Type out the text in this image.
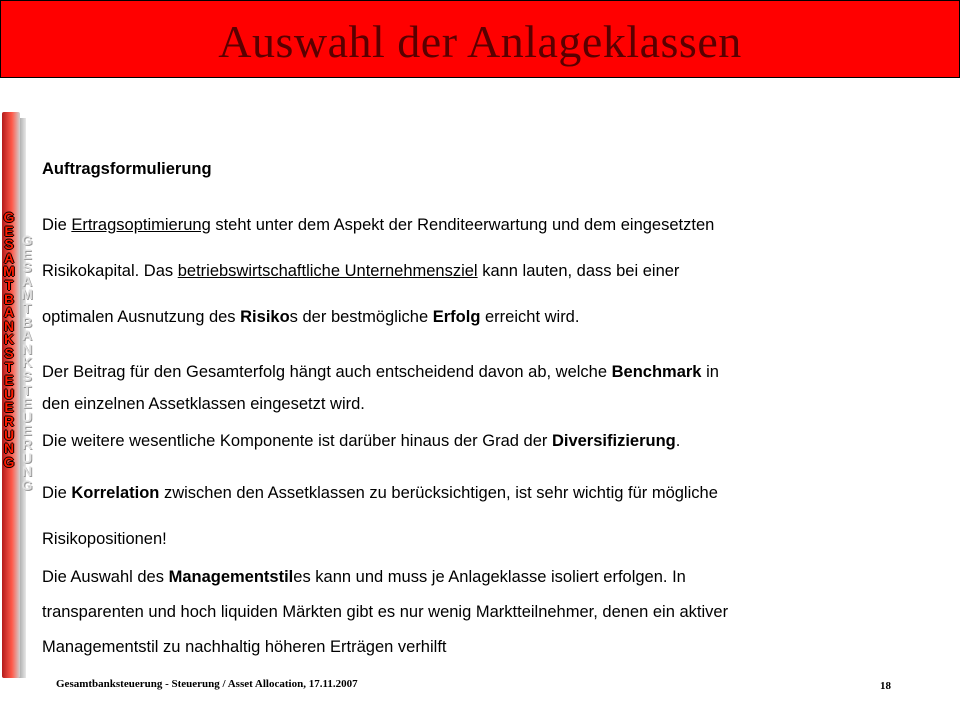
Auswahl der Anlageklassen
G
E
S
A
M
T
B
A
N
K
S
T
E
U
E
R
U
N
G
G
E
S
A
M
T
B
A
N
K
S
T
E
U
E
R
U
N
G
Auftragsformulierung
Die Ertragsoptimierung steht unter dem Aspekt der Renditeerwartung und dem eingesetzten
Risikokapital. Das betriebswirtschaftliche Unternehmensziel kann lauten, dass bei einer
optimalen Ausnutzung des Risikos der bestmögliche Erfolg erreicht wird.
Der Beitrag für den Gesamterfolg hängt auch entscheidend davon ab, welche Benchmark in
den einzelnen Assetklassen eingesetzt wird.
Die weitere wesentliche Komponente ist darüber hinaus der Grad der Diversifizierung.
Die Korrelation zwischen den Assetklassen zu berücksichtigen, ist sehr wichtig für mögliche
Risikopositionen!
Die Auswahl des Managementstiles kann und muss je Anlageklasse isoliert erfolgen. In
transparenten und hoch liquiden Märkten gibt es nur wenig Marktteilnehmer, denen ein aktiver
Managementstil zu nachhaltig höheren Erträgen verhilft
Gesamtbanksteuerung - Steuerung / Asset Allocation, 17.11.2007	18
